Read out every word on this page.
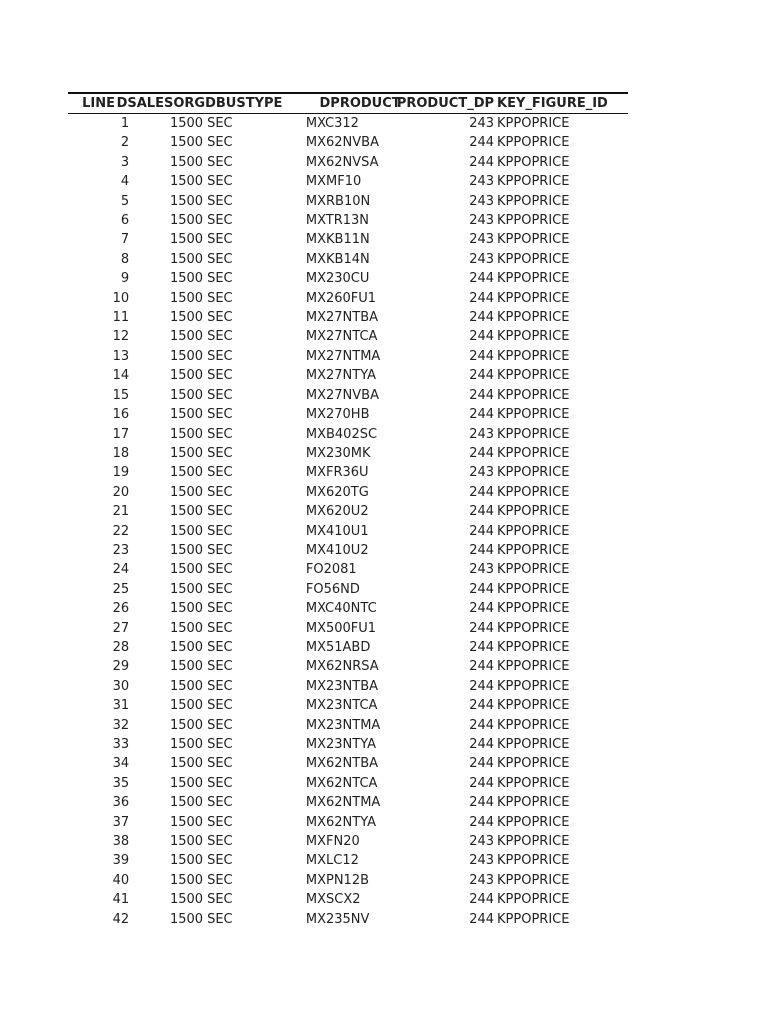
LINE	DSALESORG	DBUSTYPE	DPRODUCT	PRODUCT_DP	KEY_FIGURE_ID
1	1500	SEC	MXC312	243	KPPOPRICE
2	1500	SEC	MX62NVBA	244	KPPOPRICE
3	1500	SEC	MX62NVSA	244	KPPOPRICE
4	1500	SEC	MXMF10	243	KPPOPRICE
5	1500	SEC	MXRB10N	243	KPPOPRICE
6	1500	SEC	MXTR13N	243	KPPOPRICE
7	1500	SEC	MXKB11N	243	KPPOPRICE
8	1500	SEC	MXKB14N	243	KPPOPRICE
9	1500	SEC	MX230CU	244	KPPOPRICE
10	1500	SEC	MX260FU1	244	KPPOPRICE
11	1500	SEC	MX27NTBA	244	KPPOPRICE
12	1500	SEC	MX27NTCA	244	KPPOPRICE
13	1500	SEC	MX27NTMA	244	KPPOPRICE
14	1500	SEC	MX27NTYA	244	KPPOPRICE
15	1500	SEC	MX27NVBA	244	KPPOPRICE
16	1500	SEC	MX270HB	244	KPPOPRICE
17	1500	SEC	MXB402SC	243	KPPOPRICE
18	1500	SEC	MX230MK	244	KPPOPRICE
19	1500	SEC	MXFR36U	243	KPPOPRICE
20	1500	SEC	MX620TG	244	KPPOPRICE
21	1500	SEC	MX620U2	244	KPPOPRICE
22	1500	SEC	MX410U1	244	KPPOPRICE
23	1500	SEC	MX410U2	244	KPPOPRICE
24	1500	SEC	FO2081	243	KPPOPRICE
25	1500	SEC	FO56ND	244	KPPOPRICE
26	1500	SEC	MXC40NTC	244	KPPOPRICE
27	1500	SEC	MX500FU1	244	KPPOPRICE
28	1500	SEC	MX51ABD	244	KPPOPRICE
29	1500	SEC	MX62NRSA	244	KPPOPRICE
30	1500	SEC	MX23NTBA	244	KPPOPRICE
31	1500	SEC	MX23NTCA	244	KPPOPRICE
32	1500	SEC	MX23NTMA	244	KPPOPRICE
33	1500	SEC	MX23NTYA	244	KPPOPRICE
34	1500	SEC	MX62NTBA	244	KPPOPRICE
35	1500	SEC	MX62NTCA	244	KPPOPRICE
36	1500	SEC	MX62NTMA	244	KPPOPRICE
37	1500	SEC	MX62NTYA	244	KPPOPRICE
38	1500	SEC	MXFN20	243	KPPOPRICE
39	1500	SEC	MXLC12	243	KPPOPRICE
40	1500	SEC	MXPN12B	243	KPPOPRICE
41	1500	SEC	MXSCX2	244	KPPOPRICE
42	1500	SEC	MX235NV	244	KPPOPRICE
